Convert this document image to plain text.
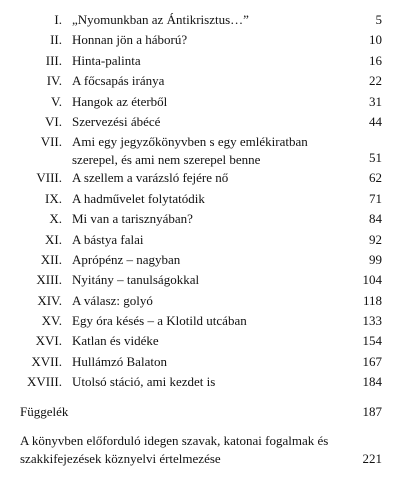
I. „Nyomunkban az Ántikrisztus…”	5
II. Honnan jön a háború?	10
III. Hinta-palinta	16
IV. A főcsapás iránya	22
V. Hangok az éterből	31
VI. Szervezési ábécé	44
VII. Ami egy jegyzőkönyvben s egy emlékiratban szerepel, és ami nem szerepel benne	51
VIII. A szellem a varázsló fejére nő	62
IX. A hadművelet folytatódik	71
X. Mi van a tarisznyában?	84
XI. A bástya falai	92
XII. Aprópénz – nagyban	99
XIII. Nyitány – tanulságokkal	104
XIV. A válasz: golyó	118
XV. Egy óra késés – a Klotild utcában	133
XVI. Katlan és vidéke	154
XVII. Hullámzó Balaton	167
XVIII. Utolsó stáció, ami kezdet is	184
Függelék	187
A könyvben előforduló idegen szavak, katonai fogalmak és szakkifejezések köznyelvi értelmezése	221
